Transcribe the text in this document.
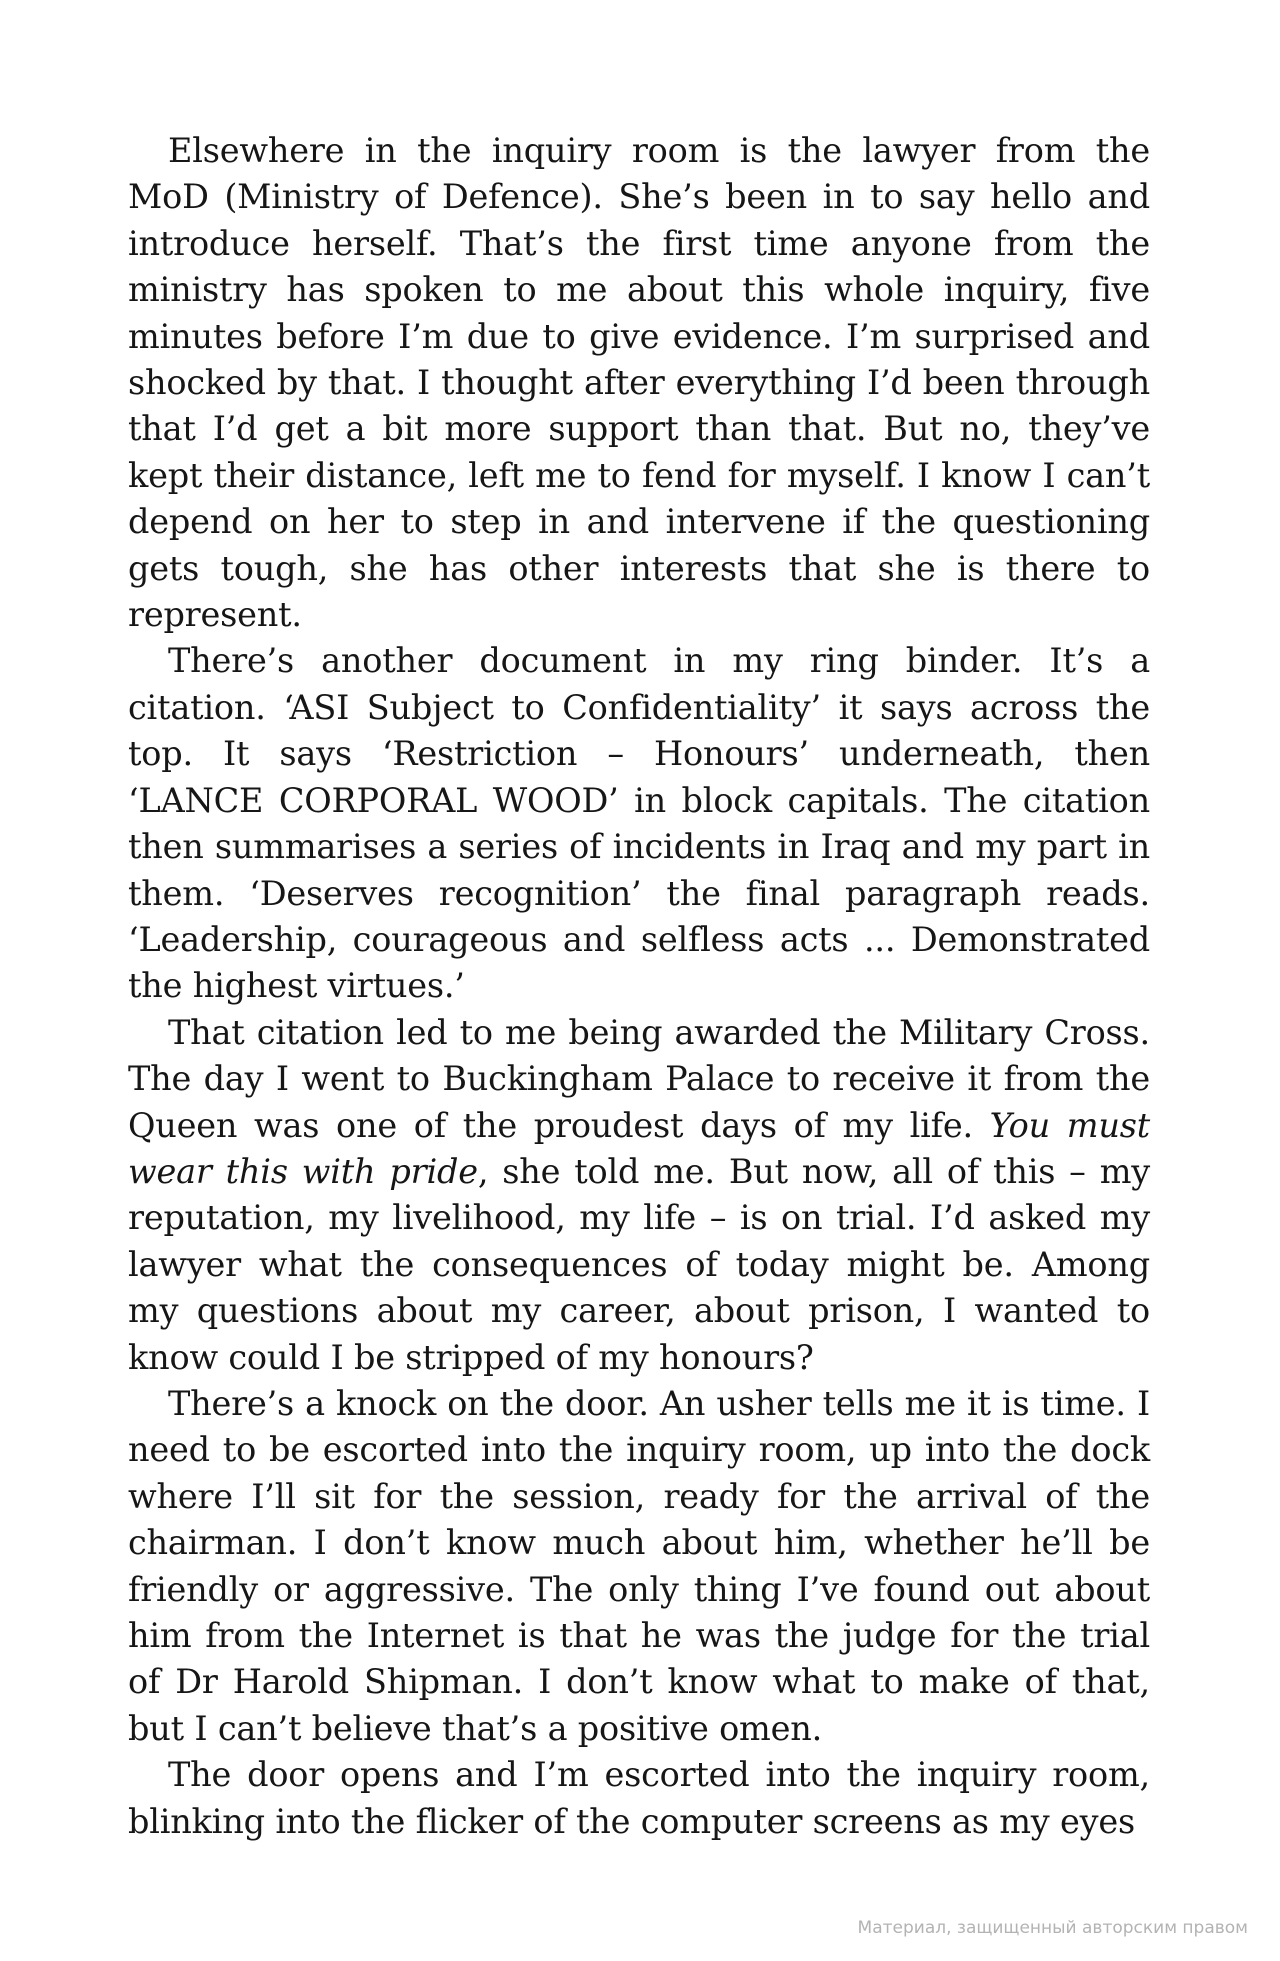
Elsewhere in the inquiry room is the lawyer from the MoD (Ministry of Defence). She’s been in to say hello and introduce herself. That’s the first time anyone from the ministry has spoken to me about this whole inquiry, five minutes before I’m due to give evidence. I’m surprised and shocked by that. I thought after everything I’d been through that I’d get a bit more support than that. But no, they’ve kept their distance, left me to fend for myself. I know I can’t depend on her to step in and intervene if the questioning gets tough, she has other interests that she is there to represent.

There’s another document in my ring binder. It’s a citation. ‘ASI Subject to Confidentiality’ it says across the top. It says ‘Restriction – Honours’ underneath, then ‘LANCE CORPORAL WOOD’ in block capitals. The citation then summarises a series of incidents in Iraq and my part in them. ‘Deserves recognition’ the final paragraph reads. ‘Leadership, courageous and selfless acts ... Demonstrated the highest virtues.’

That citation led to me being awarded the Military Cross. The day I went to Buckingham Palace to receive it from the Queen was one of the proudest days of my life. You must wear this with pride, she told me. But now, all of this – my reputation, my livelihood, my life – is on trial. I’d asked my lawyer what the consequences of today might be. Among my questions about my career, about prison, I wanted to know could I be stripped of my honours?

There’s a knock on the door. An usher tells me it is time. I need to be escorted into the inquiry room, up into the dock where I’ll sit for the session, ready for the arrival of the chairman. I don’t know much about him, whether he’ll be friendly or aggressive. The only thing I’ve found out about him from the Internet is that he was the judge for the trial of Dr Harold Shipman. I don’t know what to make of that, but I can’t believe that’s a positive omen.

The door opens and I’m escorted into the inquiry room, blinking into the flicker of the computer screens as my eyes

Материал, защищенный авторским правом
